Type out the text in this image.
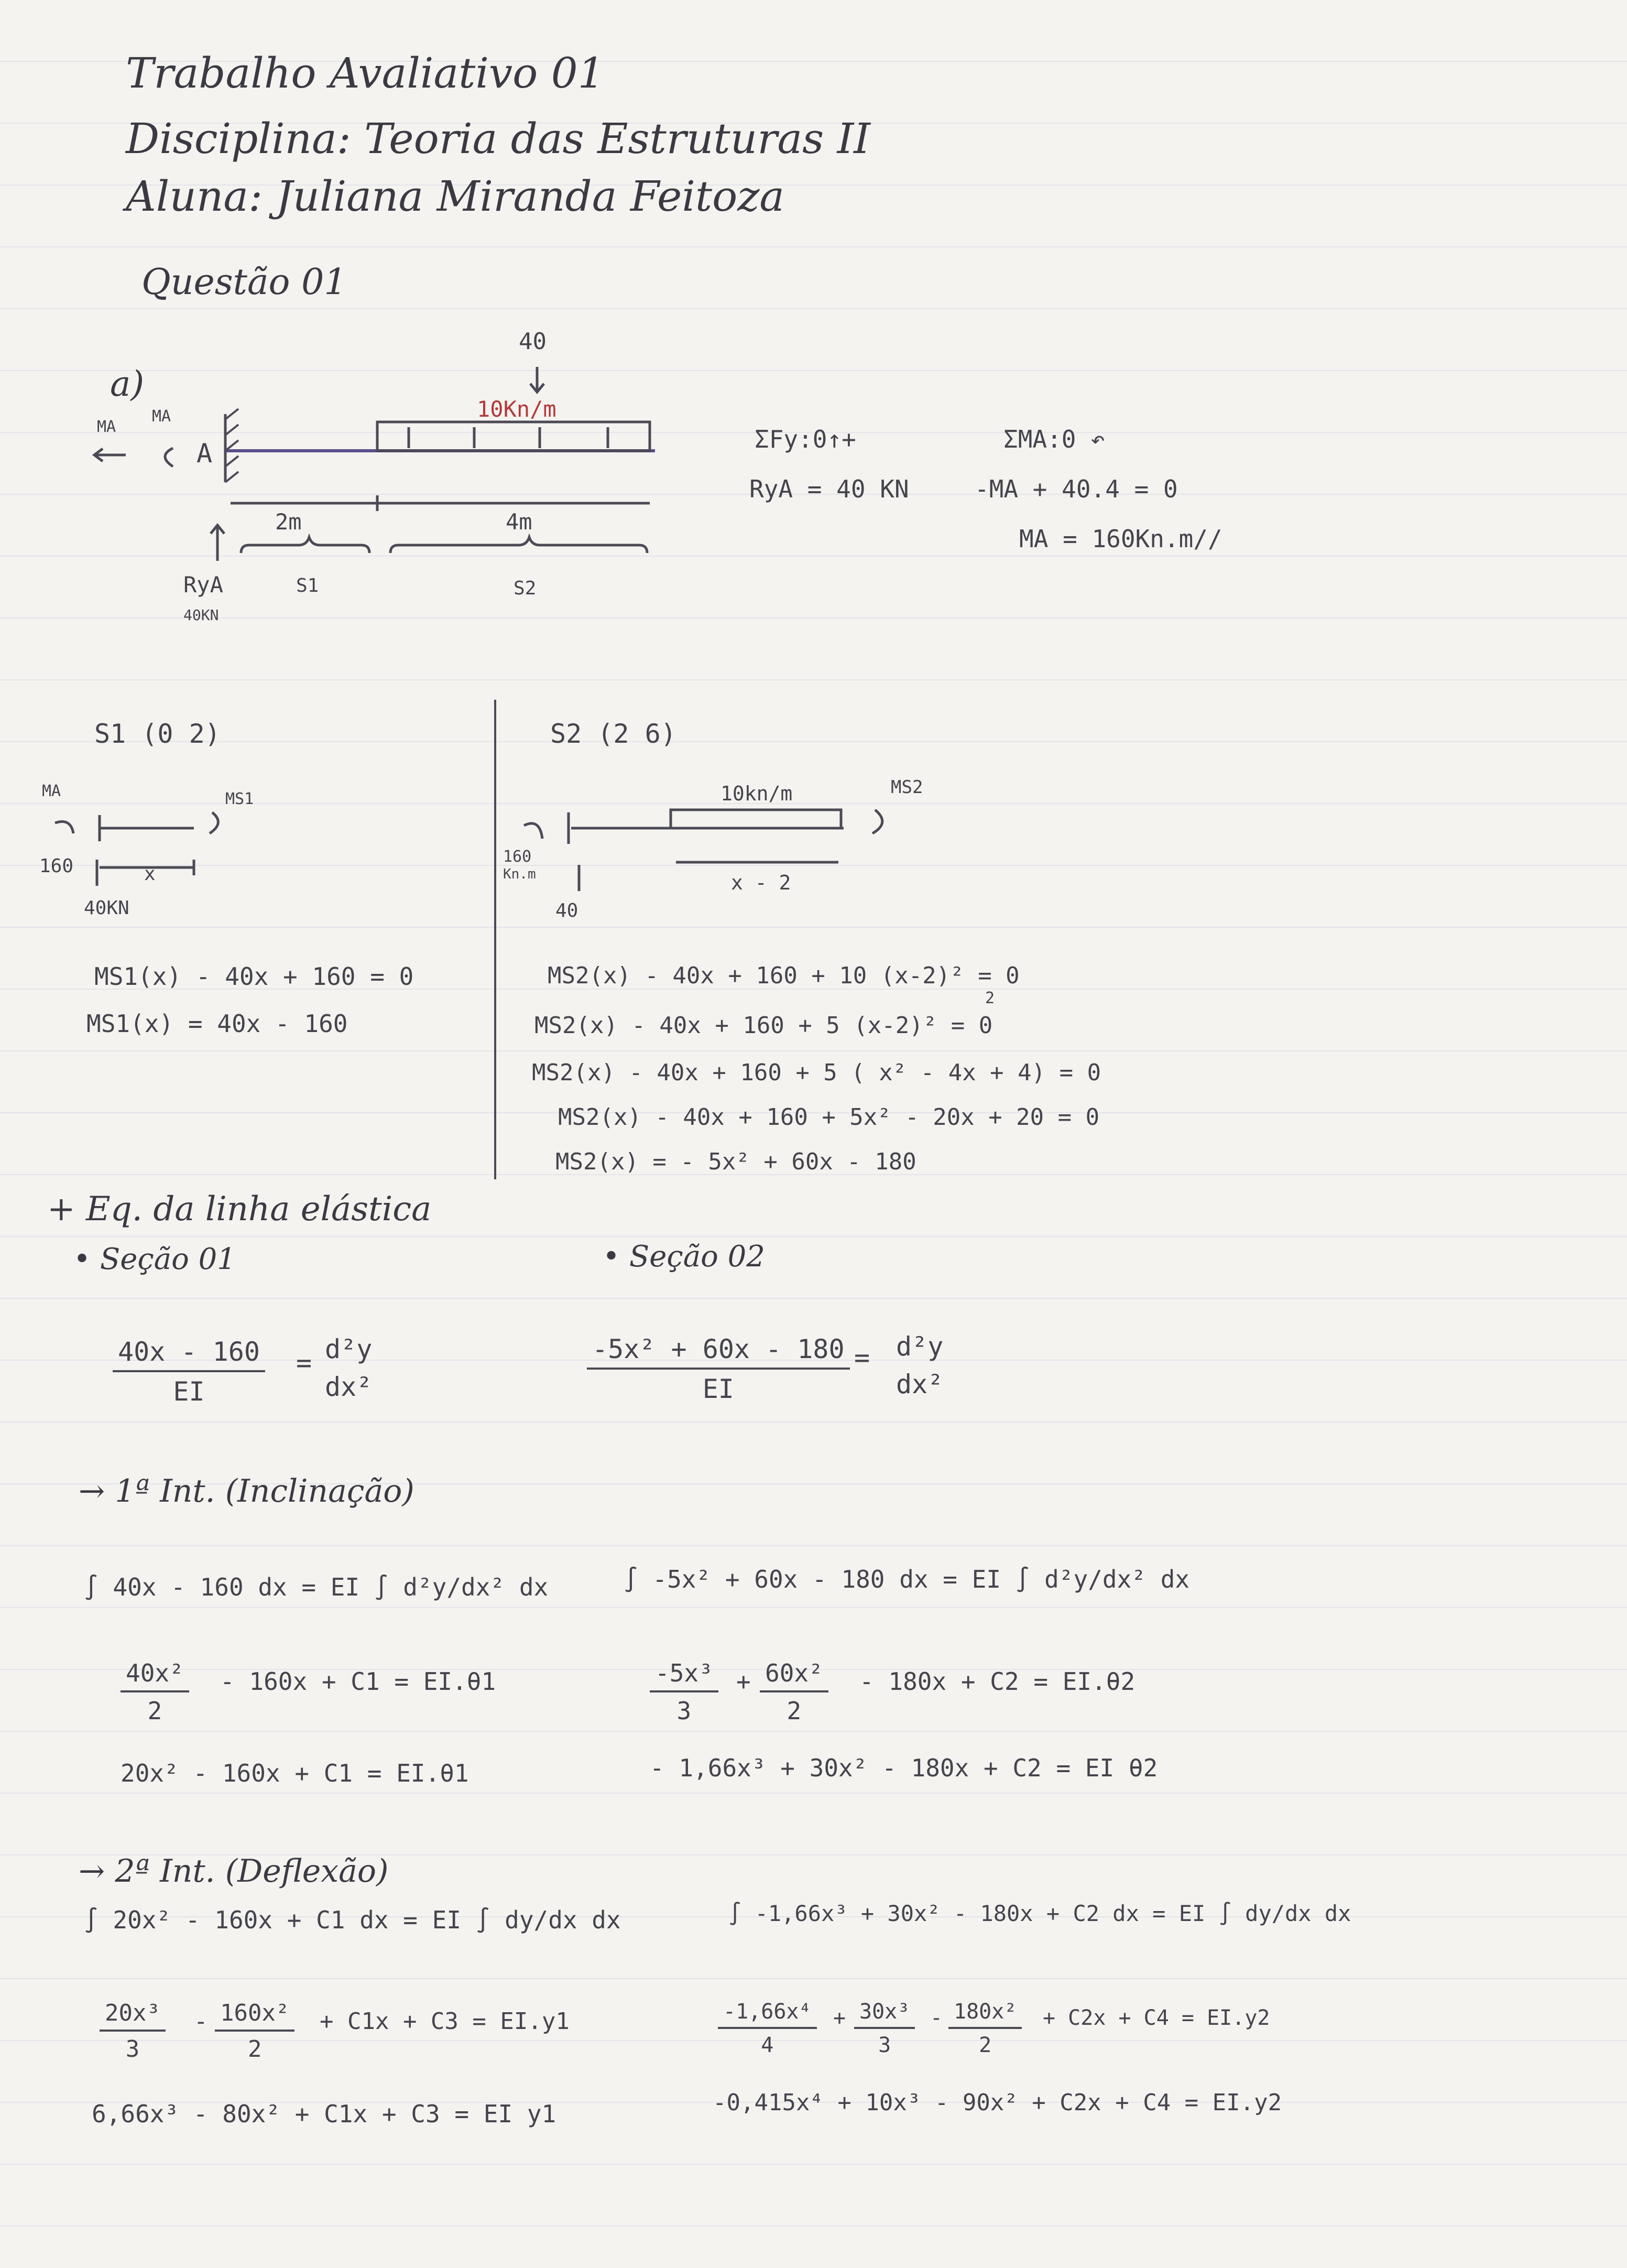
Trabalho Avaliativo 01
Disciplina: Teoria das Estruturas II
Aluna: Juliana Miranda Feitoza
Questão 01
a)
40
10Kn/m
MA
MA
A
2m	4m
RyA
40KN
S1	S2
ΣFy:0↑+
RyA = 40 KN
ΣMA:0 ↶
-MA + 40.4 = 0
MA = 160Kn.m//
S1 (0 2)
MA	MS1
160	x
40KN
MS1(x) - 40x + 160 = 0
MS1(x) = 40x - 160
S2 (2 6)
10kn/m	MS2
160
Kn.m
40
x - 2
MS2(x) - 40x + 160 + 10 (x-2)² = 0
2
MS2(x) - 40x + 160 + 5 (x-2)² = 0
MS2(x) - 40x + 160 + 5 ( x² - 4x + 4) = 0
MS2(x) - 40x + 160 + 5x² - 20x + 20 = 0
MS2(x) = - 5x² + 60x - 180
+ Eq. da linha elástica
• Seção 01	• Seção 02
$\frac{40x - 160}{EI} = d^2y$
dx²	$\frac{\text{-5x² + 60x - 180}}{EI} = d^2y$
dx²
→ 1ª Int. (Inclinação)
∫ 40x - 160 dx = EI ∫ d²y/dx² dx
$\frac{\text{40x²}}{2} - 160x + C1 = EI.\theta 1$
20x² - 160x + C1 = EI.θ1
∫ -5x² + 60x - 180 dx = EI ∫ d²y/dx² dx
$\frac{\text{-5x³}}{3} + \frac{\text{60x²}}{2} - 180x + C2 = EI.\theta 2$
- 1,66x³ + 30x² - 180x + C2 = EI θ2
→ 2ª Int. (Deflexão)
∫ 20x² - 160x + C1 dx = EI ∫ dy/dx dx
$\frac{\text{20x³}}{3} - \frac{\text{160x²}}{2} + C1x + C3 = EI.y1$
6,66x³ - 80x² + C1x + C3 = EI y1
∫ -1,66x³ + 30x² - 180x + C2 dx = EI ∫ dy/dx dx
$\frac{\text{-1,66x⁴}}{4} + \frac{\text{30x³}}{3} - \frac{\text{180x²}}{2} + C2x + C4 = EI.y2$
-0,415x⁴ + 10x³ - 90x² + C2x + C4 = EI.y2
